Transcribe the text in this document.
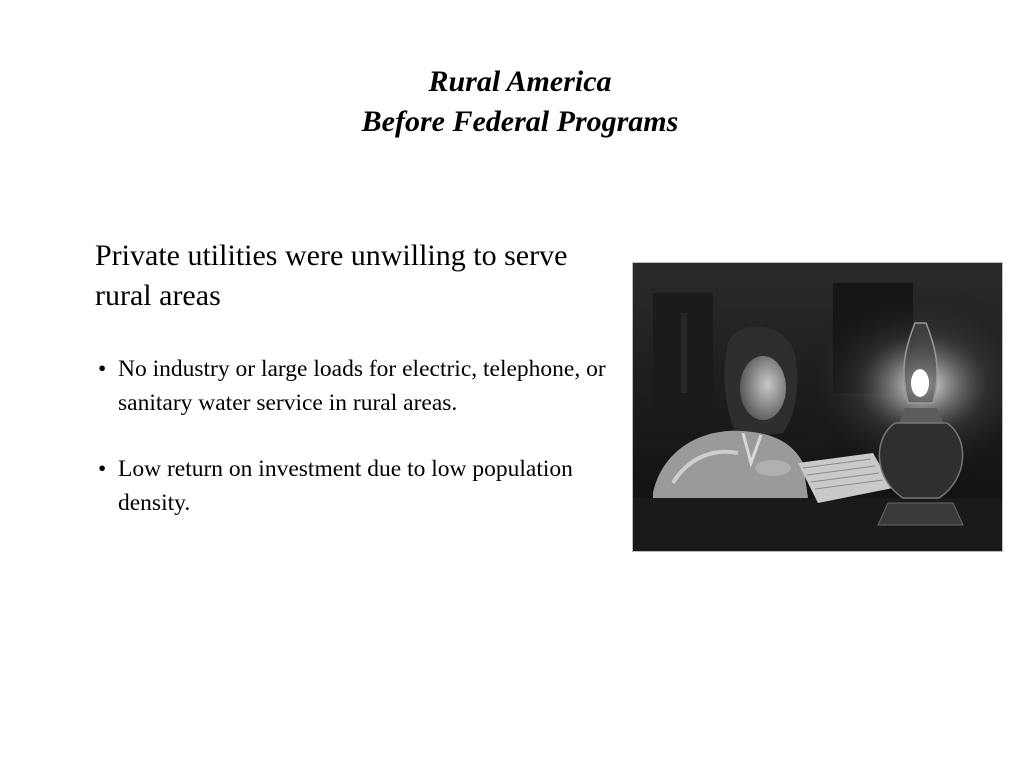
Rural America
Before Federal Programs
Private utilities were unwilling to serve rural areas
• No industry or large loads for electric, telephone, or sanitary water service in rural areas.
• Low return on investment due to low population density.
